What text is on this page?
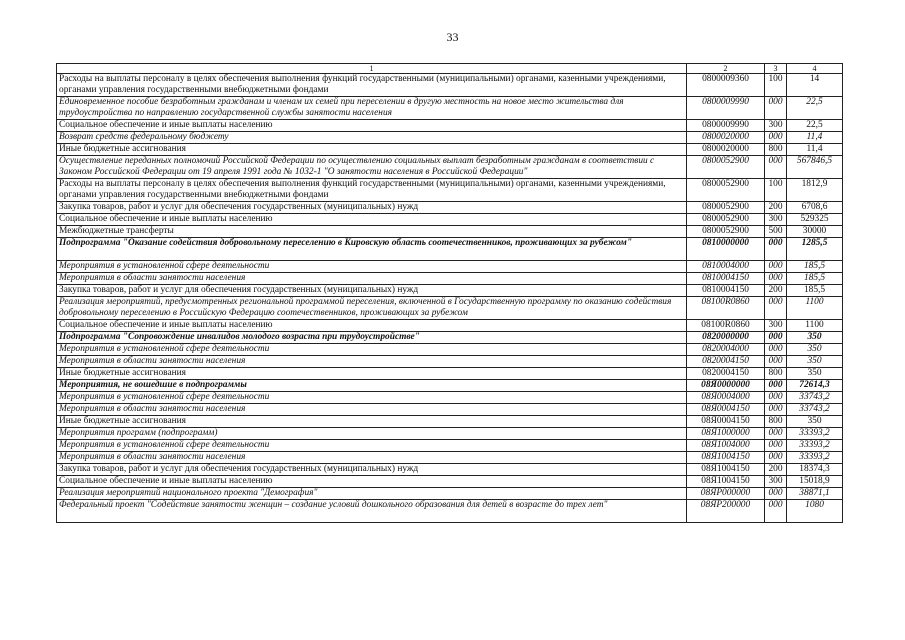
33
1	2	3	4
Расходы на выплаты персоналу в целях обеспечения выполнения функций государственными (муниципальными) органами, казенными учреждениями, органами управления государственными внебюджетными фондами	0800009360	100	14
Единовременное пособие безработным гражданам и членам их семей при переселении в другую местность на новое место жительства для трудоустройства по направлению государственной службы занятости населения	0800009990	000	22,5
Социальное обеспечение и иные выплаты населению	0800009990	300	22,5
Возврат средств федеральному бюджету	0800020000	000	11,4
Иные бюджетные ассигнования	0800020000	800	11,4
Осуществление переданных полномочий Российской Федерации по осуществлению социальных выплат безработным гражданам в соответствии с Законом Российской Федерации от 19 апреля 1991 года № 1032-1 "О занятости населения в Российской Федерации"	0800052900	000	567846,5
Расходы на выплаты персоналу в целях обеспечения выполнения функций государственными (муниципальными) органами, казенными учреждениями, органами управления государственными внебюджетными фондами	0800052900	100	1812,9
Закупка товаров, работ и услуг для обеспечения государственных (муниципальных) нужд	0800052900	200	6708,6
Социальное обеспечение и иные выплаты населению	0800052900	300	529325
Межбюджетные трансферты	0800052900	500	30000
Подпрограмма "Оказание содействия добровольному переселению в Кировскую область соотечественников, проживающих за рубежом"	0810000000	000	1285,5
Мероприятия в установленной сфере деятельности	0810004000	000	185,5
Мероприятия в области занятости населения	0810004150	000	185,5
Закупка товаров, работ и услуг для обеспечения государственных (муниципальных) нужд	0810004150	200	185,5
Реализация мероприятий, предусмотренных региональной программой переселения, включенной в Государственную программу по оказанию содействия добровольному переселению в Российскую Федерацию соотечественников, проживающих за рубежом	08100R0860	000	1100
Социальное обеспечение и иные выплаты населению	08100R0860	300	1100
Подпрограмма "Сопровождение инвалидов молодого возраста при трудоустройстве"	0820000000	000	350
Мероприятия в установленной сфере деятельности	0820004000	000	350
Мероприятия в области занятости населения	0820004150	000	350
Иные бюджетные ассигнования	0820004150	800	350
Мероприятия, не вошедшие в подпрограммы	08Я0000000	000	72614,3
Мероприятия в установленной сфере деятельности	08Я0004000	000	33743,2
Мероприятия в области занятости населения	08Я0004150	000	33743,2
Иные бюджетные ассигнования	08Я0004150	800	350
Мероприятия программ (подпрограмм)	08Я1000000	000	33393,2
Мероприятия в установленной сфере деятельности	08Я1004000	000	33393,2
Мероприятия в области занятости населения	08Я1004150	000	33393,2
Закупка товаров, работ и услуг для обеспечения государственных (муниципальных) нужд	08Я1004150	200	18374,3
Социальное обеспечение и иные выплаты населению	08Я1004150	300	15018,9
Реализация мероприятий национального проекта "Демография"	08ЯP000000	000	38871,1
Федеральный проект "Содействие занятости женщин – создание условий дошкольного образования для детей в возрасте до трех лет"	08ЯP200000	000	1080
